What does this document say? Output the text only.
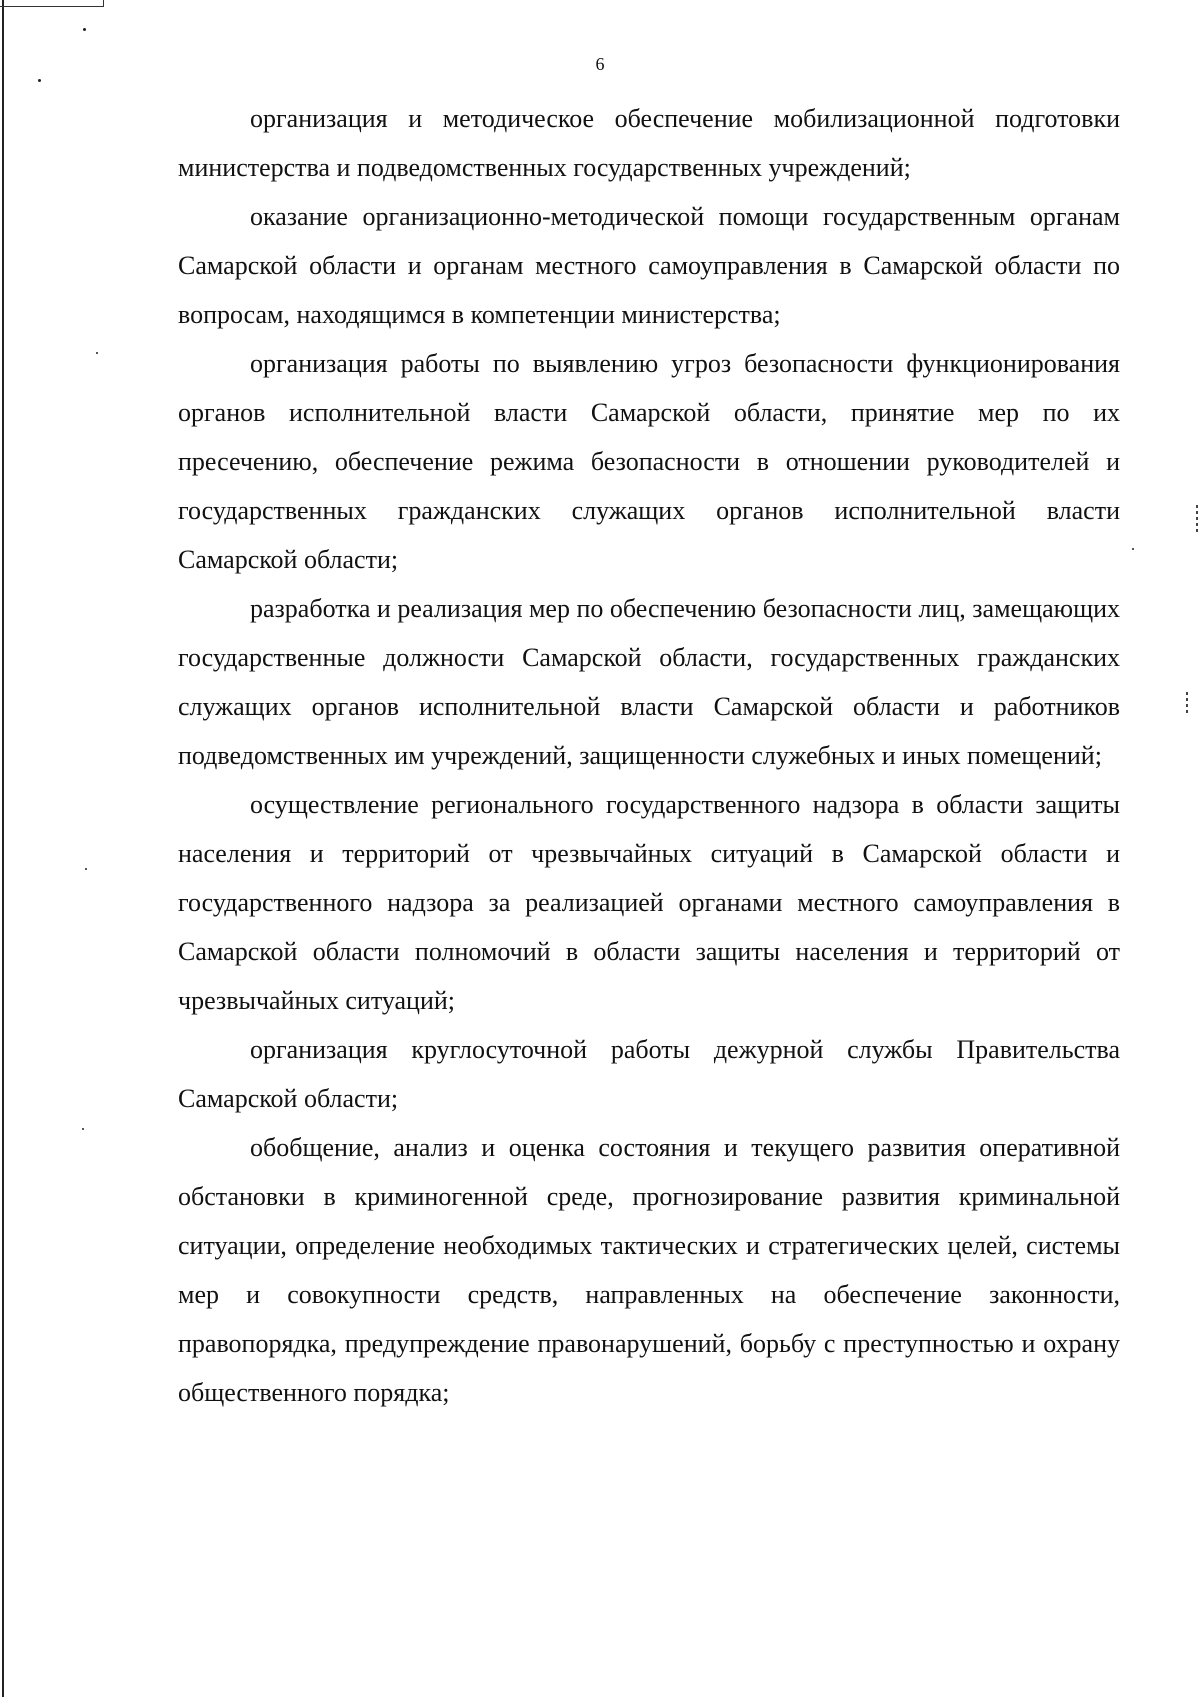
6

организация и методическое обеспечение мобилизационной подготовки министерства и подведомственных государственных учреждений;

оказание организационно-методической помощи государственным органам Самарской области и органам местного самоуправления в Самарской области по вопросам, находящимся в компетенции министерства;

организация работы по выявлению угроз безопасности функционирования органов исполнительной власти Самарской области, принятие мер по их пресечению, обеспечение режима безопасности в отношении руководителей и государственных гражданских служащих органов исполнительной власти Самарской области;

разработка и реализация мер по обеспечению безопасности лиц, замещающих государственные должности Самарской области, государственных гражданских служащих органов исполнительной власти Самарской области и работников подведомственных им учреждений, защищенности служебных и иных помещений;

осуществление регионального государственного надзора в области защиты населения и территорий от чрезвычайных ситуаций в Самарской области и государственного надзора за реализацией органами местного самоуправления в Самарской области полномочий в области защиты населения и территорий от чрезвычайных ситуаций;

организация круглосуточной работы дежурной службы Правительства Самарской области;

обобщение, анализ и оценка состояния и текущего развития оперативной обстановки в криминогенной среде, прогнозирование развития криминальной ситуации, определение необходимых тактических и стратегических целей, системы мер и совокупности средств, направленных на обеспечение законности, правопорядка, предупреждение правонарушений, борьбу с преступностью и охрану общественного порядка;
